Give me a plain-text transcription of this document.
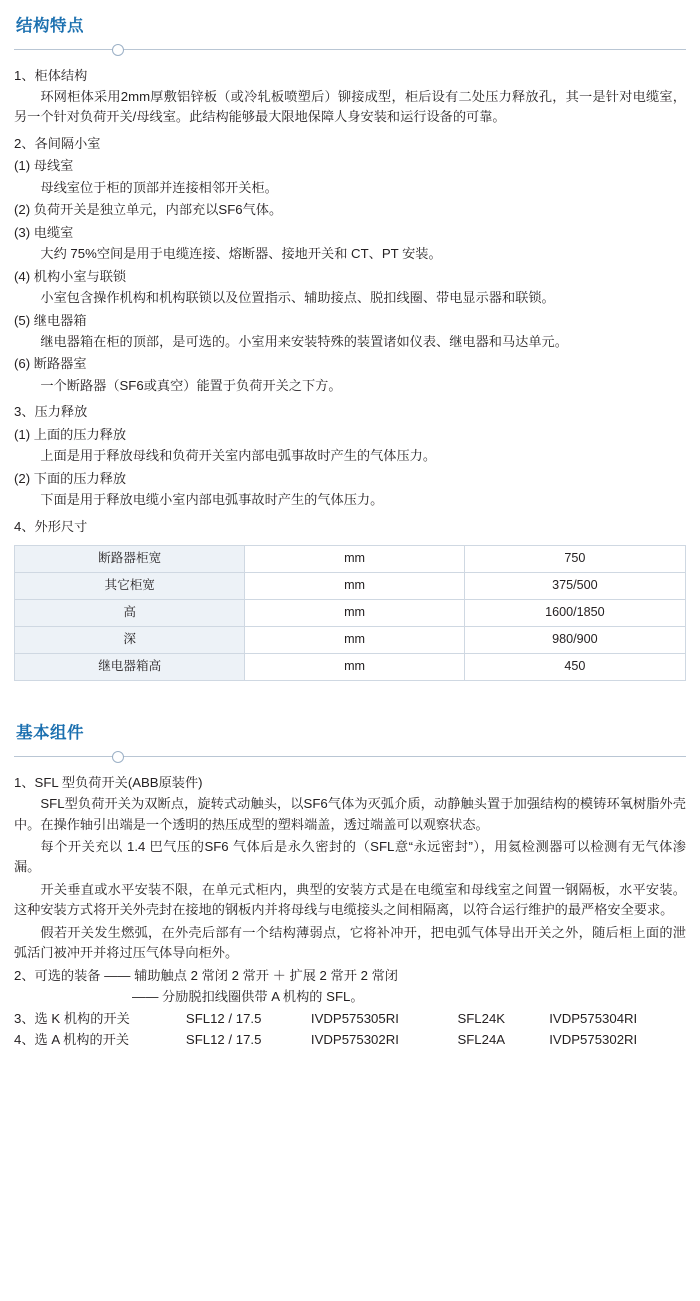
结构特点

1、柜体结构

环网柜体采用2mm厚敷铝锌板（或冷轧板喷塑后）铆接成型，柜后设有二处压力释放孔，其一是针对电缆室，另一个针对负荷开关/母线室。此结构能够最大限地保障人身安装和运行设备的可靠。

2、各间隔小室

(1) 母线室

母线室位于柜的顶部并连接相邻开关柜。

(2) 负荷开关是独立单元，内部充以SF6气体。

(3) 电缆室

大约 75%空间是用于电缆连接、熔断器、接地开关和 CT、PT 安装。

(4) 机构小室与联锁

小室包含操作机构和机构联锁以及位置指示、辅助接点、脱扣线圈、带电显示器和联锁。

(5) 继电器箱

继电器箱在柜的顶部，是可选的。小室用来安装特殊的装置诸如仪表、继电器和马达单元。

(6) 断路器室

一个断路器（SF6或真空）能置于负荷开关之下方。

3、压力释放

(1) 上面的压力释放

上面是用于释放母线和负荷开关室内部电弧事故时产生的气体压力。

(2) 下面的压力释放

下面是用于释放电缆小室内部电弧事故时产生的气体压力。

4、外形尺寸

断路器柜宽	mm	750
其它柜宽	mm	375/500
高	mm	1600/1850
深	mm	980/900
继电器箱高	mm	450
基本组件

1、SFL 型负荷开关(ABB原装件)

SFL型负荷开关为双断点，旋转式动触头，以SF6气体为灭弧介质，动静触头置于加强结构的模铸环氧树脂外壳中。在操作轴引出端是一个透明的热压成型的塑料端盖，透过端盖可以观察状态。

每个开关充以 1.4 巴气压的SF6 气体后是永久密封的（SFL意“永远密封”），用氦检测器可以检测有无气体渗漏。

开关垂直或水平安装不限，在单元式柜内，典型的安装方式是在电缆室和母线室之间置一钢隔板，水平安装。这种安装方式将开关外壳封在接地的钢板内并将母线与电缆接头之间相隔离，以符合运行维护的最严格安全要求。

假若开关发生燃弧，在外壳后部有一个结构薄弱点，它将补冲开，把电弧气体导出开关之外，随后柜上面的泄弧活门被冲开并将过压气体导向柜外。

2、可选的装备 —— 辅助触点 2 常闭 2 常开 ＋ 扩展 2 常开 2 常闭

—— 分励脱扣线圈供带 A 机构的 SFL。

3、选 K 机构的开关	SFL12 / 17.5	IVDP575305RI	SFL24K	IVDP575304RI
4、选 A 机构的开关	SFL12 / 17.5	IVDP575302RI	SFL24A	IVDP575302RI
